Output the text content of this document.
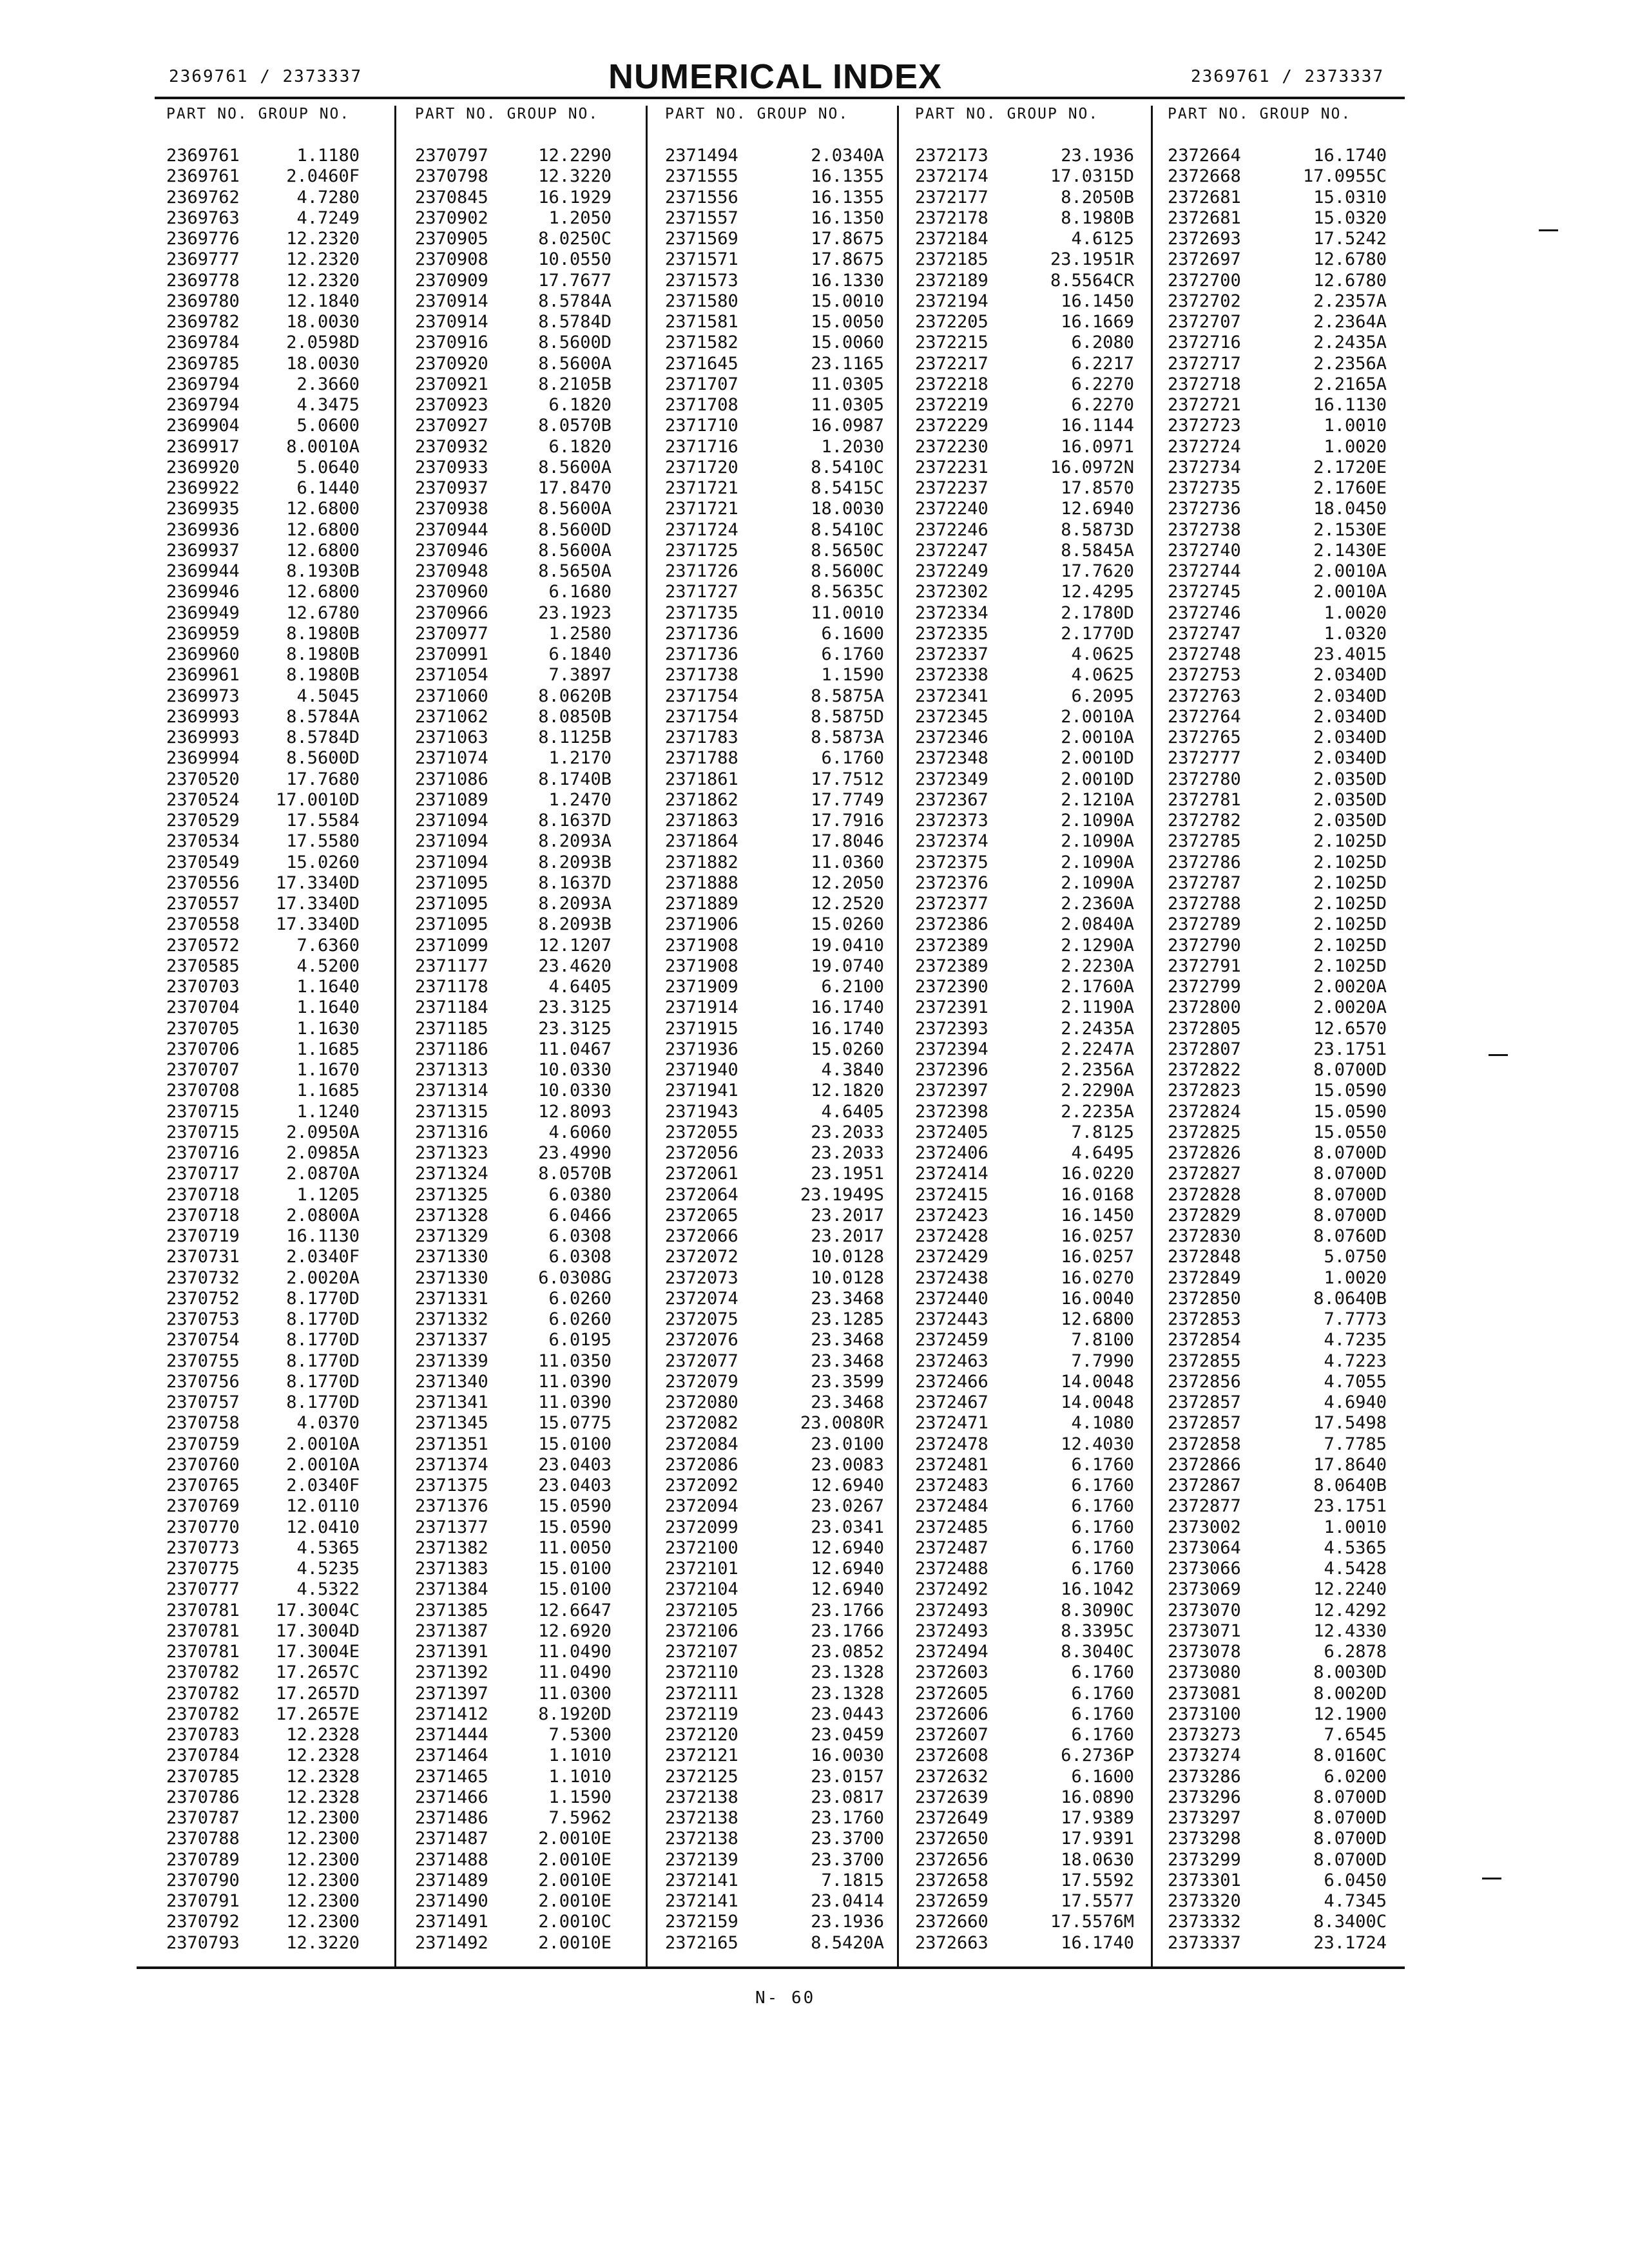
2369761 / 2373337	NUMERICAL INDEX	2369761 / 2373337
PART NO. GROUP NO.
2369761	1.1180
2369761	2.0460F
2369762	4.7280
2369763	4.7249
2369776	12.2320
2369777	12.2320
2369778	12.2320
2369780	12.1840
2369782	18.0030
2369784	2.0598D
2369785	18.0030
2369794	2.3660
2369794	4.3475
2369904	5.0600
2369917	8.0010A
2369920	5.0640
2369922	6.1440
2369935	12.6800
2369936	12.6800
2369937	12.6800
2369944	8.1930B
2369946	12.6800
2369949	12.6780
2369959	8.1980B
2369960	8.1980B
2369961	8.1980B
2369973	4.5045
2369993	8.5784A
2369993	8.5784D
2369994	8.5600D
2370520	17.7680
2370524 17.0010D
2370529	17.5584
2370534	17.5580
2370549	15.0260
2370556 17.3340D
2370557 17.3340D
2370558 17.3340D
2370572	7.6360
2370585	4.5200
2370703	1.1640
2370704	1.1640
2370705	1.1630
2370706	1.1685
2370707	1.1670
2370708	1.1685
2370715	1.1240
2370715	2.0950A
2370716	2.0985A
2370717	2.0870A
2370718	1.1205
2370718	2.0800A
2370719	16.1130
2370731	2.0340F
2370732	2.0020A
2370752	8.1770D
2370753	8.1770D
2370754	8.1770D
2370755	8.1770D
2370756	8.1770D
2370757	8.1770D
2370758	4.0370
2370759	2.0010A
2370760	2.0010A
2370765	2.0340F
2370769	12.0110
2370770	12.0410
2370773	4.5365
2370775	4.5235
2370777	4.5322
2370781 17.3004C
2370781 17.3004D
2370781 17.3004E
2370782 17.2657C
2370782 17.2657D
2370782 17.2657E
2370783	12.2328
2370784	12.2328
2370785	12.2328
2370786	12.2328
2370787	12.2300
2370788	12.2300
2370789	12.2300
2370790	12.2300
2370791	12.2300
2370792	12.2300
2370793	12.3220
PART NO. GROUP NO.
2370797	12.2290
2370798	12.3220
2370845	16.1929
2370902	1.2050
2370905	8.0250C
2370908	10.0550
2370909	17.7677
2370914	8.5784A
2370914	8.5784D
2370916	8.5600D
2370920	8.5600A
2370921	8.2105B
2370923	6.1820
2370927	8.0570B
2370932	6.1820
2370933	8.5600A
2370937	17.8470
2370938	8.5600A
2370944	8.5600D
2370946	8.5600A
2370948	8.5650A
2370960	6.1680
2370966	23.1923
2370977	1.2580
2370991	6.1840
2371054	7.3897
2371060	8.0620B
2371062	8.0850B
2371063	8.1125B
2371074	1.2170
2371086	8.1740B
2371089	1.2470
2371094	8.1637D
2371094	8.2093A
2371094	8.2093B
2371095	8.1637D
2371095	8.2093A
2371095	8.2093B
2371099	12.1207
2371177	23.4620
2371178	4.6405
2371184	23.3125
2371185	23.3125
2371186	11.0467
2371313	10.0330
2371314	10.0330
2371315	12.8093
2371316	4.6060
2371323	23.4990
2371324	8.0570B
2371325	6.0380
2371328	6.0466
2371329	6.0308
2371330	6.0308
2371330	6.0308G
2371331	6.0260
2371332	6.0260
2371337	6.0195
2371339	11.0350
2371340	11.0390
2371341	11.0390
2371345	15.0775
2371351	15.0100
2371374	23.0403
2371375	23.0403
2371376	15.0590
2371377	15.0590
2371382	11.0050
2371383	15.0100
2371384	15.0100
2371385	12.6647
2371387	12.6920
2371391	11.0490
2371392	11.0490
2371397	11.0300
2371412	8.1920D
2371444	7.5300
2371464	1.1010
2371465	1.1010
2371466	1.1590
2371486	7.5962
2371487	2.0010E
2371488	2.0010E
2371489	2.0010E
2371490	2.0010E
2371491	2.0010C
2371492	2.0010E
PART NO. GROUP NO.
2371494	2.0340A
2371555	16.1355
2371556	16.1355
2371557	16.1350
2371569	17.8675
2371571	17.8675
2371573	16.1330
2371580	15.0010
2371581	15.0050
2371582	15.0060
2371645	23.1165
2371707	11.0305
2371708	11.0305
2371710	16.0987
2371716	1.2030
2371720	8.5410C
2371721	8.5415C
2371721	18.0030
2371724	8.5410C
2371725	8.5650C
2371726	8.5600C
2371727	8.5635C
2371735	11.0010
2371736	6.1600
2371736	6.1760
2371738	1.1590
2371754	8.5875A
2371754	8.5875D
2371783	8.5873A
2371788	6.1760
2371861	17.7512
2371862	17.7749
2371863	17.7916
2371864	17.8046
2371882	11.0360
2371888	12.2050
2371889	12.2520
2371906	15.0260
2371908	19.0410
2371908	19.0740
2371909	6.2100
2371914	16.1740
2371915	16.1740
2371936	15.0260
2371940	4.3840
2371941	12.1820
2371943	4.6405
2372055	23.2033
2372056	23.2033
2372061	23.1951
2372064	23.1949S
2372065	23.2017
2372066	23.2017
2372072	10.0128
2372073	10.0128
2372074	23.3468
2372075	23.1285
2372076	23.3468
2372077	23.3468
2372079	23.3599
2372080	23.3468
2372082	23.0080R
2372084	23.0100
2372086	23.0083
2372092	12.6940
2372094	23.0267
2372099	23.0341
2372100	12.6940
2372101	12.6940
2372104	12.6940
2372105	23.1766
2372106	23.1766
2372107	23.0852
2372110	23.1328
2372111	23.1328
2372119	23.0443
2372120	23.0459
2372121	16.0030
2372125	23.0157
2372138	23.0817
2372138	23.1760
2372138	23.3700
2372139	23.3700
2372141	7.1815
2372141	23.0414
2372159	23.1936
2372165	8.5420A
PART NO. GROUP NO.
2372173	23.1936
2372174	17.0315D
2372177	8.2050B
2372178	8.1980B
2372184	4.6125
2372185	23.1951R
2372189	8.5564CR
2372194	16.1450
2372205	16.1669
2372215	6.2080
2372217	6.2217
2372218	6.2270
2372219	6.2270
2372229	16.1144
2372230	16.0971
2372231	16.0972N
2372237	17.8570
2372240	12.6940
2372246	8.5873D
2372247	8.5845A
2372249	17.7620
2372302	12.4295
2372334	2.1780D
2372335	2.1770D
2372337	4.0625
2372338	4.0625
2372341	6.2095
2372345	2.0010A
2372346	2.0010A
2372348	2.0010D
2372349	2.0010D
2372367	2.1210A
2372373	2.1090A
2372374	2.1090A
2372375	2.1090A
2372376	2.1090A
2372377	2.2360A
2372386	2.0840A
2372389	2.1290A
2372389	2.2230A
2372390	2.1760A
2372391	2.1190A
2372393	2.2435A
2372394	2.2247A
2372396	2.2356A
2372397	2.2290A
2372398	2.2235A
2372405	7.8125
2372406	4.6495
2372414	16.0220
2372415	16.0168
2372423	16.1450
2372428	16.0257
2372429	16.0257
2372438	16.0270
2372440	16.0040
2372443	12.6800
2372459	7.8100
2372463	7.7990
2372466	14.0048
2372467	14.0048
2372471	4.1080
2372478	12.4030
2372481	6.1760
2372483	6.1760
2372484	6.1760
2372485	6.1760
2372487	6.1760
2372488	6.1760
2372492	16.1042
2372493	8.3090C
2372493	8.3395C
2372494	8.3040C
2372603	6.1760
2372605	6.1760
2372606	6.1760
2372607	6.1760
2372608	6.2736P
2372632	6.1600
2372639	16.0890
2372649	17.9389
2372650	17.9391
2372656	18.0630
2372658	17.5592
2372659	17.5577
2372660	17.5576M
2372663	16.1740
PART NO. GROUP NO.
2372664	16.1740
2372668	17.0955C
2372681	15.0310
2372681	15.0320
2372693	17.5242
2372697	12.6780
2372700	12.6780
2372702	2.2357A
2372707	2.2364A
2372716	2.2435A
2372717	2.2356A
2372718	2.2165A
2372721	16.1130
2372723	1.0010
2372724	1.0020
2372734	2.1720E
2372735	2.1760E
2372736	18.0450
2372738	2.1530E
2372740	2.1430E
2372744	2.0010A
2372745	2.0010A
2372746	1.0020
2372747	1.0320
2372748	23.4015
2372753	2.0340D
2372763	2.0340D
2372764	2.0340D
2372765	2.0340D
2372777	2.0340D
2372780	2.0350D
2372781	2.0350D
2372782	2.0350D
2372785	2.1025D
2372786	2.1025D
2372787	2.1025D
2372788	2.1025D
2372789	2.1025D
2372790	2.1025D
2372791	2.1025D
2372799	2.0020A
2372800	2.0020A
2372805	12.6570
2372807	23.1751
2372822	8.0700D
2372823	15.0590
2372824	15.0590
2372825	15.0550
2372826	8.0700D
2372827	8.0700D
2372828	8.0700D
2372829	8.0700D
2372830	8.0760D
2372848	5.0750
2372849	1.0020
2372850	8.0640B
2372853	7.7773
2372854	4.7235
2372855	4.7223
2372856	4.7055
2372857	4.6940
2372857	17.5498
2372858	7.7785
2372866	17.8640
2372867	8.0640B
2372877	23.1751
2373002	1.0010
2373064	4.5365
2373066	4.5428
2373069	12.2240
2373070	12.4292
2373071	12.4330
2373078	6.2878
2373080	8.0030D
2373081	8.0020D
2373100	12.1900
2373273	7.6545
2373274	8.0160C
2373286	6.0200
2373296	8.0700D
2373297	8.0700D
2373298	8.0700D
2373299	8.0700D
2373301	6.0450
2373320	4.7345
2373332	8.3400C
2373337	23.1724
N- 60
